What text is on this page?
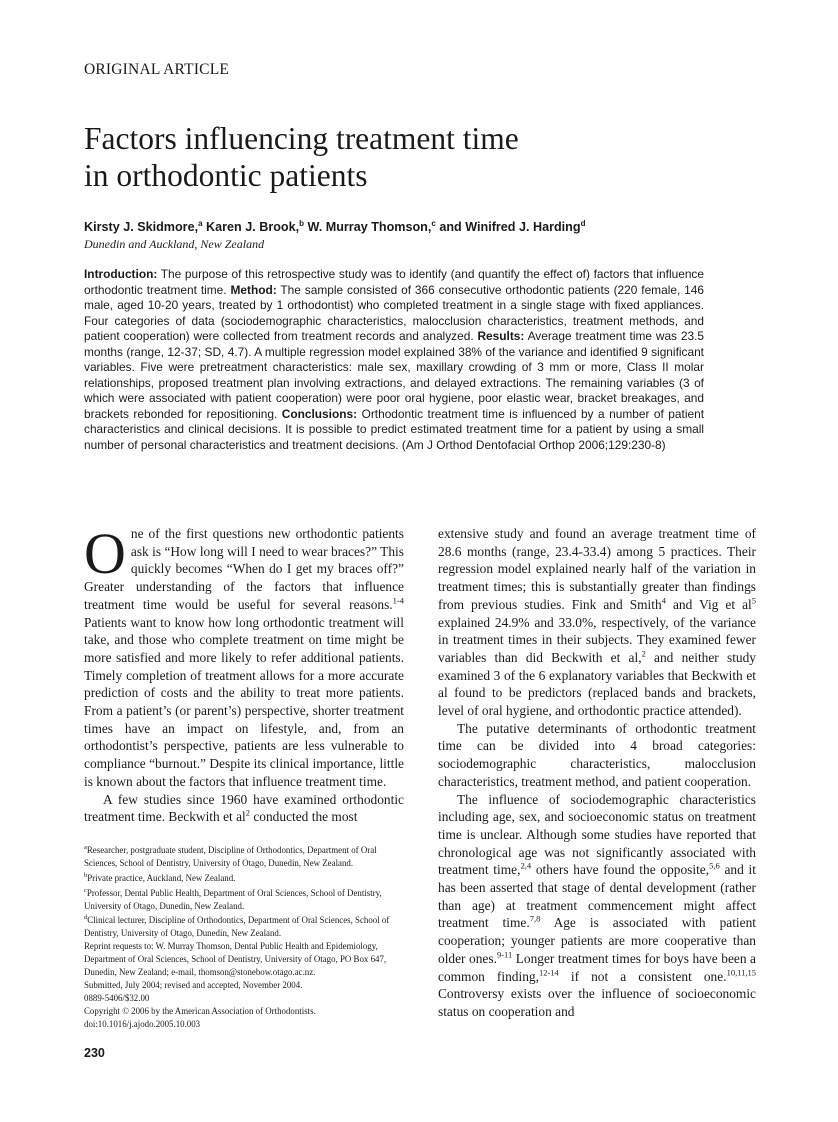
ORIGINAL ARTICLE
Factors influencing treatment time
in orthodontic patients
Kirsty J. Skidmore,$^a$ Karen J. Brook,$^b$ W. Murray Thomson,$^c$ and Winifred J. Harding$^d$
Dunedin and Auckland, New Zealand
Introduction: The purpose of this retrospective study was to identify (and quantify the effect of) factors that influence orthodontic treatment time. Method: The sample consisted of 366 consecutive orthodontic patients (220 female, 146 male, aged 10-20 years, treated by 1 orthodontist) who completed treatment in a single stage with fixed appliances. Four categories of data (sociodemographic characteristics, malocclusion characteristics, treatment methods, and patient cooperation) were collected from treatment records and analyzed. Results: Average treatment time was 23.5 months (range, 12-37; SD, 4.7). A multiple regression model explained 38% of the variance and identified 9 significant variables. Five were pretreatment characteristics: male sex, maxillary crowding of 3 mm or more, Class II molar relationships, proposed treatment plan involving extractions, and delayed extractions. The remaining variables (3 of which were associated with patient cooperation) were poor oral hygiene, poor elastic wear, bracket breakages, and brackets rebonded for repositioning. Conclusions: Orthodontic treatment time is influenced by a number of patient characteristics and clinical decisions. It is possible to predict estimated treatment time for a patient by using a small number of personal characteristics and treatment decisions. (Am J Orthod Dentofacial Orthop 2006;129:230-8)

One of the first questions new orthodontic patients ask is “How long will I need to wear braces?” This quickly becomes “When do I get my braces off?” Greater understanding of the factors that influence treatment time would be useful for several reasons.$^{1-4}$ Patients want to know how long orthodontic treatment will take, and those who complete treatment on time might be more satisfied and more likely to refer additional patients. Timely completion of treatment allows for a more accurate prediction of costs and the ability to treat more patients. From a patient’s (or parent’s) perspective, shorter treatment times have an impact on lifestyle, and, from an orthodontist’s perspective, patients are less vulnerable to compliance “burnout.” Despite its clinical importance, little is known about the factors that influence treatment time.

A few studies since 1960 have examined orthodontic treatment time. Beckwith et $al^2$ conducted the most

extensive study and found an average treatment time of 28.6 months (range, 23.4-33.4) among 5 practices. Their regression model explained nearly half of the variation in treatment times; this is substantially greater than findings from previous studies. Fink and Smith$^4$ and Vig et $al^5$ explained 24.9% and 33.0%, respectively, of the variance in treatment times in their subjects. They examined fewer variables than did Beckwith et al,$^2$ and neither study examined 3 of the 6 explanatory variables that Beckwith et al found to be predictors (replaced bands and brackets, level of oral hygiene, and orthodontic practice attended).

The putative determinants of orthodontic treatment time can be divided into 4 broad categories: sociodemographic characteristics, malocclusion characteristics, treatment method, and patient cooperation.

The influence of sociodemographic characteristics including age, sex, and socioeconomic status on treatment time is unclear. Although some studies have reported that chronological age was not significantly associated with treatment time,$^{2,4}$ others have found the opposite,$^{5,6}$ and it has been asserted that stage of dental development (rather than age) at treatment commencement might affect treatment time.$^{7,8}$ Age is associated with patient cooperation; younger patients are more cooperative than older ones.$^{9-11}$ Longer treatment times for boys have been a common finding,$^{12-14}$ if not a consistent one.$^{10,11,15}$ Controversy exists over the influence of socioeconomic status on cooperation and

$^a$Researcher, postgraduate student, Discipline of Orthodontics, Department of Oral Sciences, School of Dentistry, University of Otago, Dunedin, New Zealand.
$^b$Private practice, Auckland, New Zealand.
$^c$Professor, Dental Public Health, Department of Oral Sciences, School of Dentistry, University of Otago, Dunedin, New Zealand.
$^d$Clinical lecturer, Discipline of Orthodontics, Department of Oral Sciences, School of Dentistry, University of Otago, Dunedin, New Zealand.
Reprint requests to: W. Murray Thomson, Dental Public Health and Epidemiology, Department of Oral Sciences, School of Dentistry, University of Otago, PO Box 647, Dunedin, New Zealand; e-mail, thomson@stonebow.otago.ac.nz.
Submitted, July 2004; revised and accepted, November 2004.
0889-5406/$32.00
Copyright © 2006 by the American Association of Orthodontists.
doi:10.1016/j.ajodo.2005.10.003
230
